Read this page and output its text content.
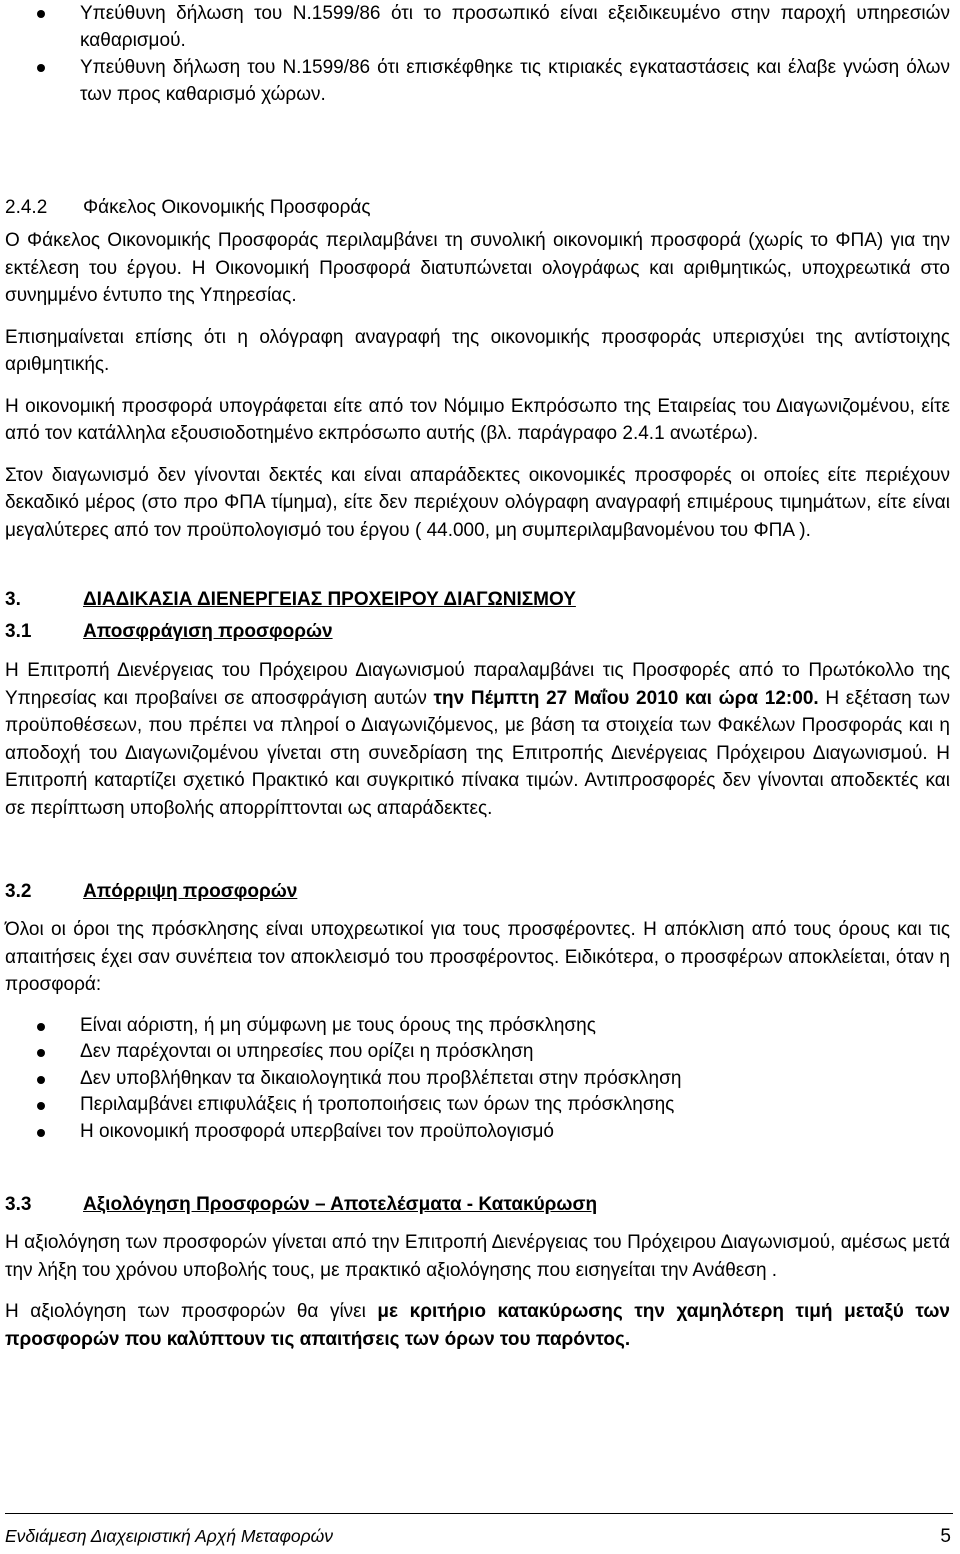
Υπεύθυνη δήλωση του Ν.1599/86 ότι το προσωπικό είναι εξειδικευμένο στην παροχή υπηρεσιών καθαρισμού.
Υπεύθυνη δήλωση του Ν.1599/86 ότι επισκέφθηκε τις κτιριακές εγκαταστάσεις και έλαβε γνώση όλων των προς καθαρισμό χώρων.
2.4.2 Φάκελος Οικονομικής Προσφοράς

Ο Φάκελος Οικονομικής Προσφοράς περιλαμβάνει τη συνολική οικονομική προσφορά (χωρίς το ΦΠΑ) για την εκτέλεση του έργου. Η Οικονομική Προσφορά διατυπώνεται ολογράφως και αριθμητικώς, υποχρεωτικά στο συνημμένο έντυπο της Υπηρεσίας.

Επισημαίνεται επίσης ότι η ολόγραφη αναγραφή της οικονομικής προσφοράς υπερισχύει της αντίστοιχης αριθμητικής.

Η οικονομική προσφορά υπογράφεται είτε από τον Νόμιμο Εκπρόσωπο της Εταιρείας του Διαγωνιζομένου, είτε από τον κατάλληλα εξουσιοδοτημένο εκπρόσωπο αυτής (βλ. παράγραφο 2.4.1 ανωτέρω).

Στον διαγωνισμό δεν γίνονται δεκτές και είναι απαράδεκτες οικονομικές προσφορές οι οποίες είτε περιέχουν δεκαδικό μέρος (στο προ ΦΠΑ τίμημα), είτε δεν περιέχουν ολόγραφη αναγραφή επιμέρους τιμημάτων, είτε είναι μεγαλύτερες από τον προϋπολογισμό του έργου ( 44.000, μη συμπεριλαμβανομένου του ΦΠΑ ).

3.	ΔΙΑΔΙΚΑΣΙΑ ΔΙΕΝΕΡΓΕΙΑΣ ΠΡΟΧΕΙΡΟΥ ΔΙΑΓΩΝΙΣΜΟΥ
3.1	Αποσφράγιση προσφορών

Η Επιτροπή Διενέργειας του Πρόχειρου Διαγωνισμού παραλαμβάνει τις Προσφορές από το Πρωτόκολλο της Υπηρεσίας και προβαίνει σε αποσφράγιση αυτών την Πέμπτη 27 Μαΐου 2010 και ώρα 12:00. Η εξέταση των προϋποθέσεων, που πρέπει να πληροί ο Διαγωνιζόμενος, με βάση τα στοιχεία των Φακέλων Προσφοράς και η αποδοχή του Διαγωνιζομένου γίνεται στη συνεδρίαση της Επιτροπής Διενέργειας Πρόχειρου Διαγωνισμού. Η Επιτροπή καταρτίζει σχετικό Πρακτικό και συγκριτικό πίνακα τιμών. Αντιπροσφορές δεν γίνονται αποδεκτές και σε περίπτωση υποβολής απορρίπτονται ως απαράδεκτες.

3.2	Απόρριψη προσφορών

Όλοι οι όροι της πρόσκλησης είναι υποχρεωτικοί για τους προσφέροντες. Η απόκλιση από τους όρους και τις απαιτήσεις έχει σαν συνέπεια τον αποκλεισμό του προσφέροντος. Ειδικότερα, ο προσφέρων αποκλείεται, όταν η προσφορά:

Είναι αόριστη, ή μη σύμφωνη με τους όρους της πρόσκλησης
Δεν παρέχονται οι υπηρεσίες που ορίζει η πρόσκληση
Δεν υποβλήθηκαν τα δικαιολογητικά που προβλέπεται στην πρόσκληση
Περιλαμβάνει επιφυλάξεις ή τροποποιήσεις των όρων της πρόσκλησης
Η οικονομική προσφορά υπερβαίνει τον προϋπολογισμό
3.3	Αξιολόγηση Προσφορών – Αποτελέσματα - Κατακύρωση

Η αξιολόγηση των προσφορών γίνεται από την Επιτροπή Διενέργειας του Πρόχειρου Διαγωνισμού, αμέσως μετά την λήξη του χρόνου υποβολής τους, με πρακτικό αξιολόγησης που εισηγείται την Ανάθεση .

Η αξιολόγηση των προσφορών θα γίνει με κριτήριο κατακύρωσης την χαμηλότερη τιμή μεταξύ των προσφορών που καλύπτουν τις απαιτήσεις των όρων του παρόντος.

Ενδιάμεση Διαχειριστική Αρχή Μεταφορών	5
